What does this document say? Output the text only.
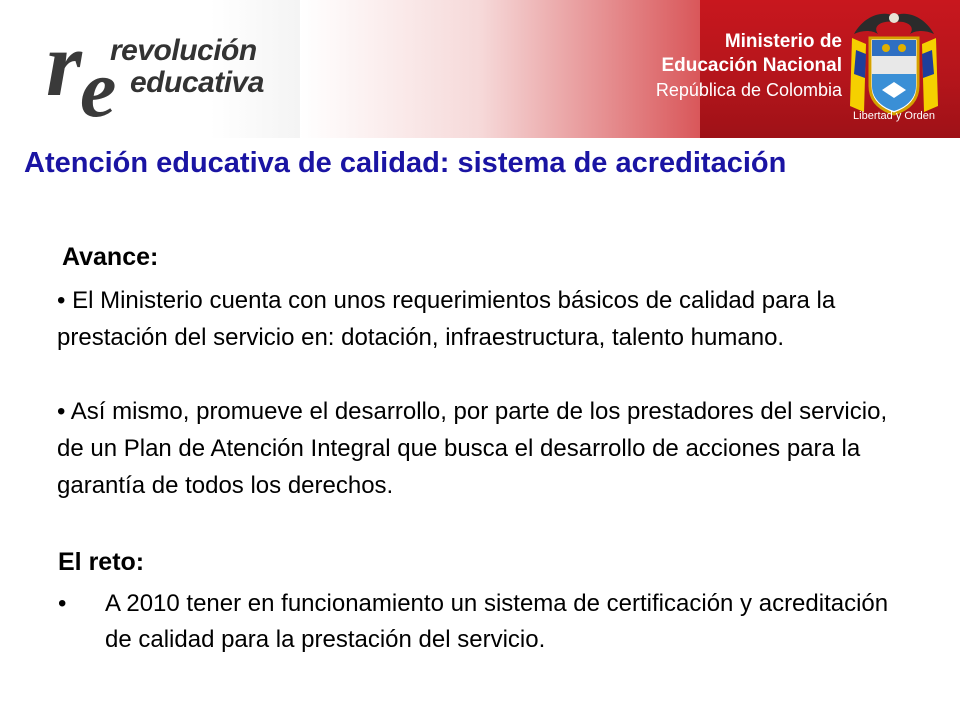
r
e
revolución
educativa
Ministerio de
Educación Nacional
República de Colombia
Libertad y Orden
Atención educativa de calidad: sistema de acreditación
Avance:

• El Ministerio cuenta con unos requerimientos básicos de calidad para la prestación del servicio en: dotación, infraestructura, talento humano.

• Así mismo, promueve el desarrollo, por parte de los prestadores del servicio, de un Plan de Atención Integral que busca el desarrollo de acciones para la garantía de todos los derechos.

El reto:
•	A 2010 tener en funcionamiento un sistema de certificación y acreditación de calidad para la prestación del servicio.
